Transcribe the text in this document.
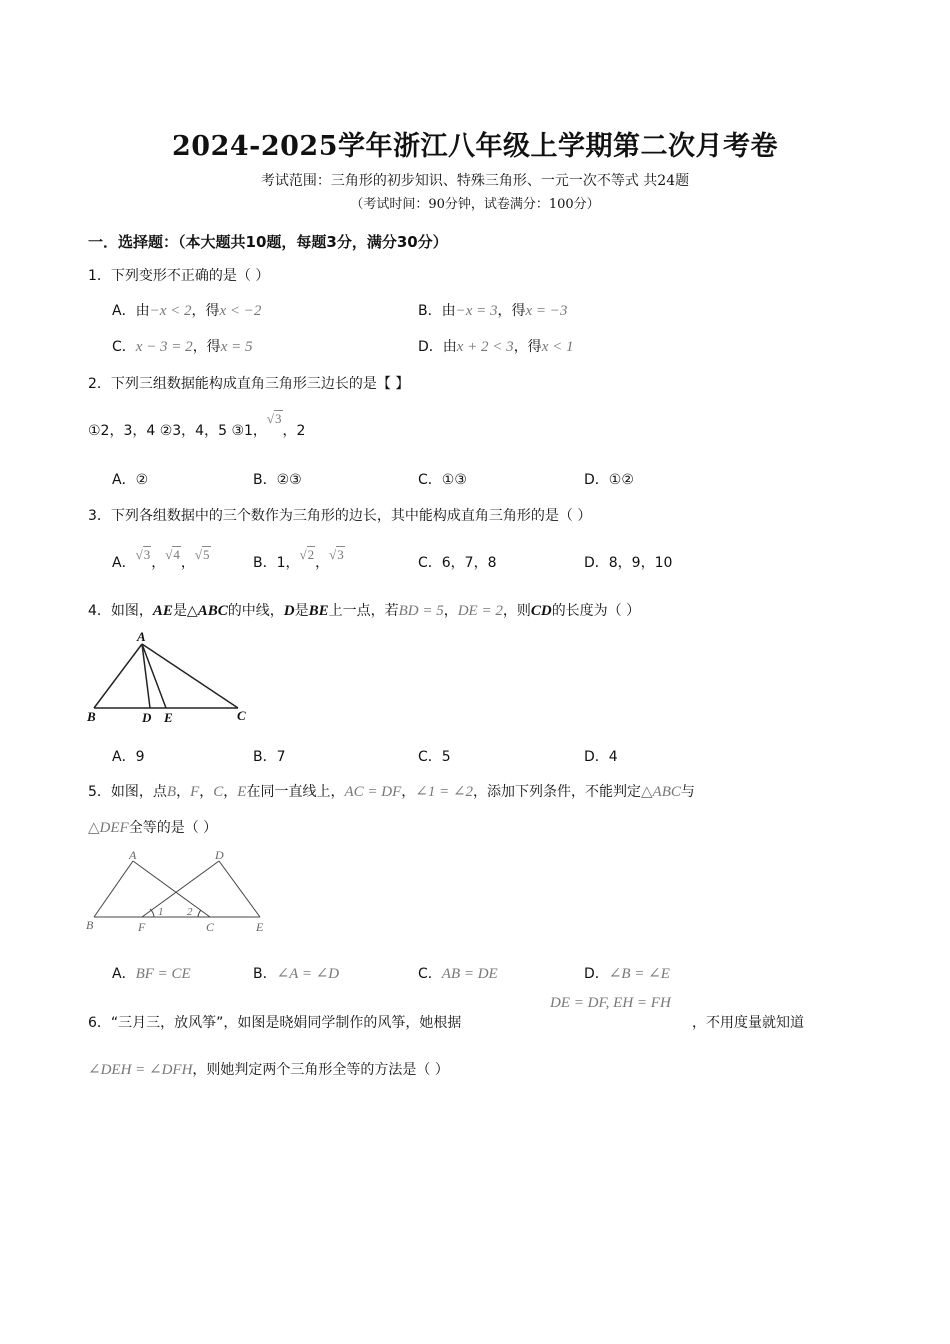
2024-2025学年浙江八年级上学期第二次月考卷
考试范围：三角形的初步知识、特殊三角形、一元一次不等式 共24题
（考试时间：90分钟，试卷满分：100分）
一．选择题：（本大题共10题，每题3分，满分30分）
1．下列变形不正确的是（ ）
A．由−x < 2，得x < −2	B．由−x = 3，得x = −3
C．x − 3 = 2，得x = 5	D．由x + 2 < 3，得x < 1
2．下列三组数据能构成直角三角形三边长的是【 】
①2，3，4 ②3，4，5 ③1，√3，2
A．②	B．②③	C．①③	D．①②
3．下列各组数据中的三个数作为三角形的边长，其中能构成直角三角形的是（ ）
A．√3，√4，√5
B．1，√2，√3
C．6，7，8	D．8，9，10
4．如图，AE是△ABC的中线，D是BE上一点，若BD = 5，DE = 2，则CD的长度为（ ）
A
B	D E	C
A．9	B．7	C．5	D．4
5．如图，点B，F，C，E在同一直线上，AC = DF，∠1 = ∠2，添加下列条件，不能判定△ABC与
△DEF全等的是（ ）
A	D
B	F	C	E
1 2
A．BF = CE	B．∠A = ∠D	C．AB = DE	D．∠B = ∠E
6．“三月三，放风筝”，如图是晓娟同学制作的风筝，她根据
DE = DF, EH = FH
，不用度量就知道
∠DEH = ∠DFH，则她判定两个三角形全等的方法是（ ）
